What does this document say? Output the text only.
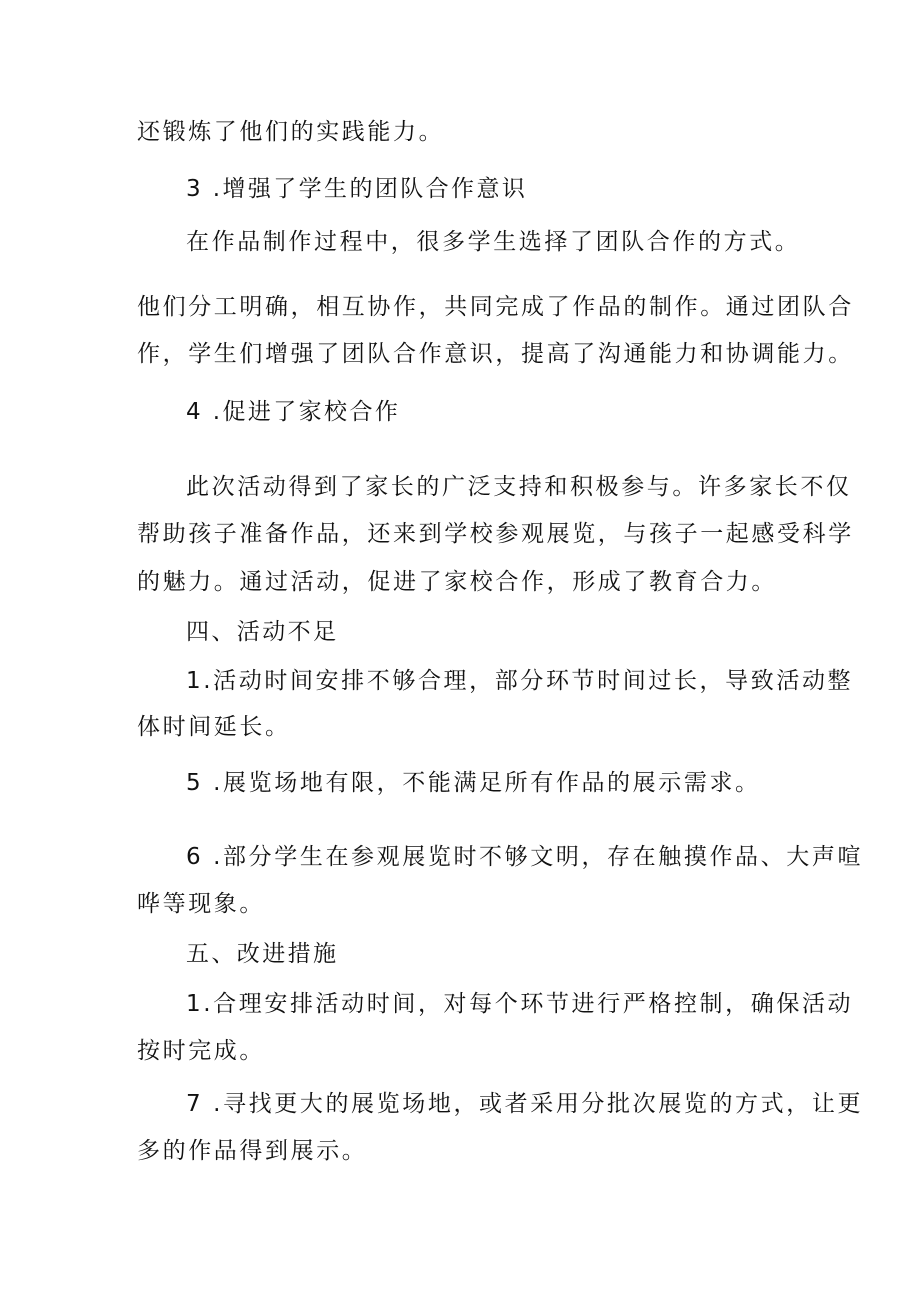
还锻炼了他们的实践能力。
3 .增强了学生的团队合作意识
在作品制作过程中，很多学生选择了团队合作的方式。
他们分工明确，相互协作，共同完成了作品的制作。通过团队合
作，学生们增强了团队合作意识，提高了沟通能力和协调能力。
4 .促进了家校合作
此次活动得到了家长的广泛支持和积极参与。许多家长不仅
帮助孩子准备作品，还来到学校参观展览，与孩子一起感受科学
的魅力。通过活动，促进了家校合作，形成了教育合力。
四、活动不足
1.活动时间安排不够合理，部分环节时间过长，导致活动整
体时间延长。
5 .展览场地有限，不能满足所有作品的展示需求。
6 .部分学生在参观展览时不够文明，存在触摸作品、大声喧
哗等现象。
五、改进措施
1.合理安排活动时间，对每个环节进行严格控制，确保活动
按时完成。
7 .寻找更大的展览场地，或者采用分批次展览的方式，让更
多的作品得到展示。
